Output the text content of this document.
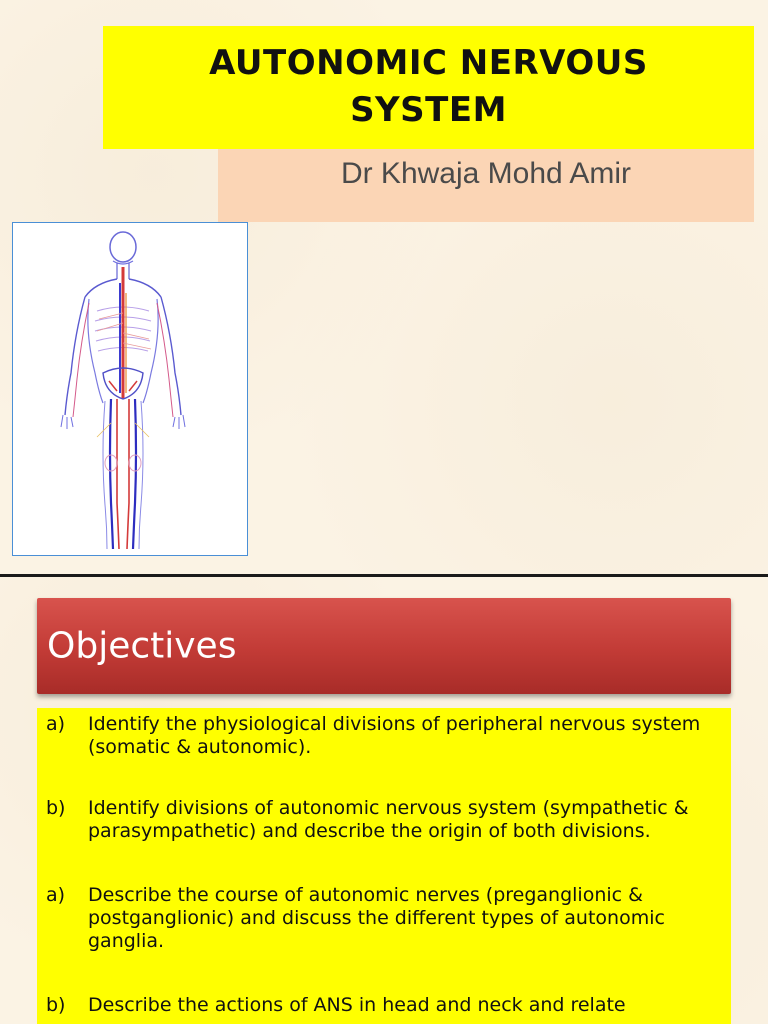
AUTONOMIC NERVOUS
SYSTEM
Dr Khwaja Mohd Amir
Objectives
a) Identify the physiological divisions of peripheral nervous system (somatic & autonomic).
b) Identify divisions of autonomic nervous system (sympathetic & parasympathetic) and describe the origin of both divisions.
a) Describe the course of autonomic nerves (preganglionic & postganglionic) and discuss the different types of autonomic ganglia.
b) Describe the actions of ANS in head and neck and relate
